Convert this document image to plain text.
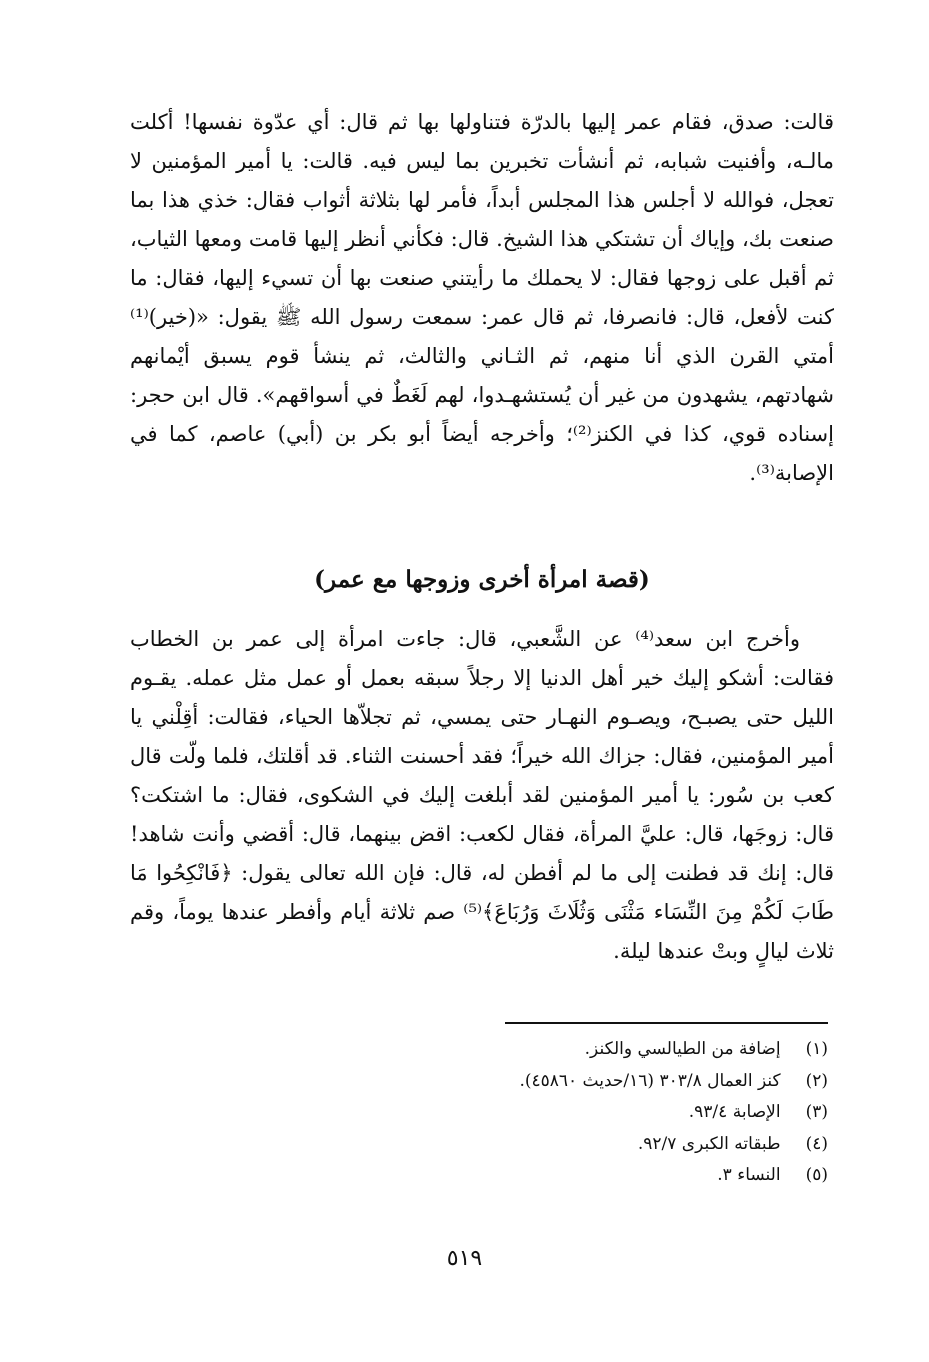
قالت: صدق، فقام عمر إليها بالدرّة فتناولها بها ثم قال: أي عدّوة نفسها! أكلت مالـه، وأفنيت شبابه، ثم أنشأت تخبرين بما ليس فيه. قالت: يا أمير المؤمنين لا تعجل، فوالله لا أجلس هذا المجلس أبداً، فأمر لها بثلاثة أثواب فقال: خذي هذا بما صنعت بك، وإياك أن تشتكي هذا الشيخ. قال: فكأني أنظر إليها قامت ومعها الثياب، ثم أقبل على زوجها فقال: لا يحملك ما رأيتني صنعت بها أن تسيء إليها، فقال: ما كنت لأفعل، قال: فانصرفا، ثم قال عمر: سمعت رسول الله ﷺ يقول: «(خير)⁽¹⁾ أمتي القرن الذي أنا منهم، ثم الثـاني والثالث، ثم ينشأ قوم يسبق أيْمانهم شهادتهم، يشهدون من غير أن يُستشهـدوا، لهم لَغَطٌ في أسواقهم». قال ابن حجر: إسناده قوي، كذا في الكنز⁽²⁾؛ وأخرجه أيضاً أبو بكر بن (أبي) عاصم، كما في الإصابة⁽³⁾.

(قصة امرأة أخرى وزوجها مع عمر)

وأخرج ابن سعد⁽⁴⁾ عن الشَّعبي، قال: جاءت امرأة إلى عمر بن الخطاب فقالت: أشكو إليك خير أهل الدنيا إلا رجلاً سبقه بعمل أو عمل مثل عمله. يقـوم الليل حتى يصبـح، ويصـوم النهـار حتى يمسي، ثم تجلاّها الحياء، فقالت: أقِلْني يا أمير المؤمنين، فقال: جزاك الله خيراً؛ فقد أحسنت الثناء. قد أقلتك، فلما ولّت قال كعب بن سُور: يا أمير المؤمنين لقد أبلغت إليك في الشكوى، فقال: ما اشتكت؟ قال: زوجَها، قال: عليَّ المرأة، فقال لكعب: اقض بينهما، قال: أقضي وأنت شاهد! قال: إنك قد فطنت إلى ما لم أفطن له، قال: فإن الله تعالى يقول: ﴿فَانْكِحُوا مَا طَابَ لَكُمْ مِنَ النِّسَاء مَثْنَى وَثُلَاثَ وَرُبَاعَ﴾⁽⁵⁾ صم ثلاثة أيام وأفطر عندها يوماً، وقم ثلاث ليالٍ وبتْ عندها ليلة.

(١) إضافة من الطيالسي والكنز.
(٢) كنز العمال ٣٠٣/٨ (١٦/حديث ٤٥٨٦٠).
(٣) الإصابة ٩٣/٤.
(٤) طبقاته الكبرى ٩٢/٧.
(٥) النساء ٣.
٥١٩
